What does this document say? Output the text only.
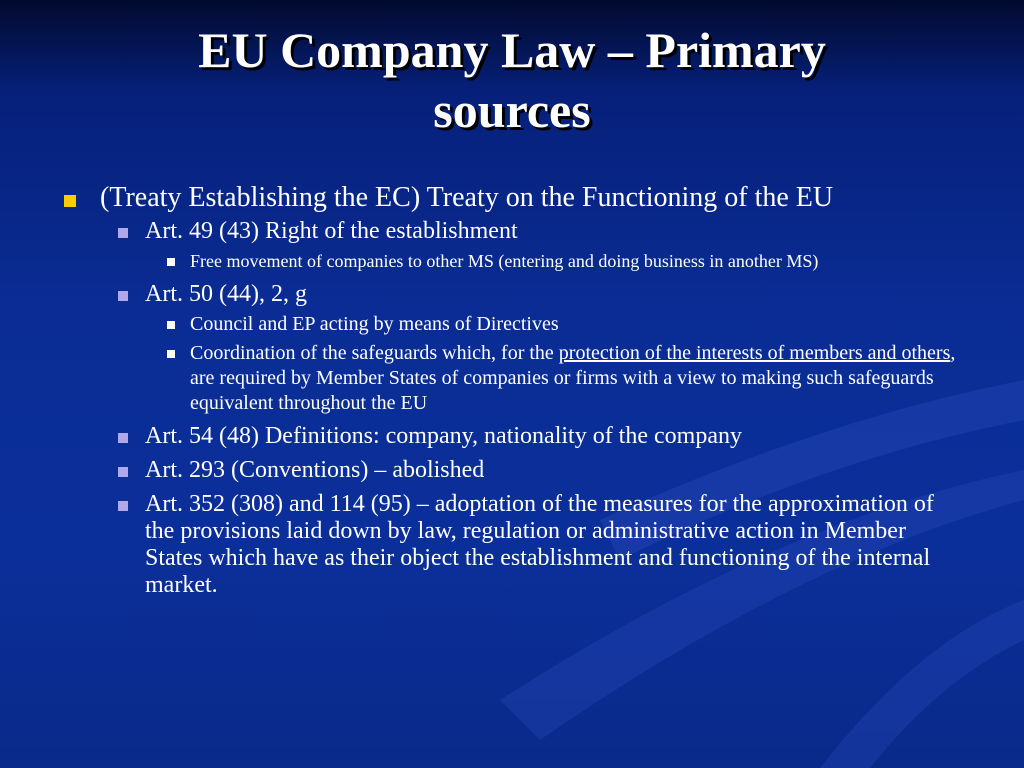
EU Company Law – Primary
sources
(Treaty Establishing the EC) Treaty on the Functioning of the EU
Art. 49 (43) Right of the establishment
Free movement of companies to other MS (entering and doing business in another MS)
Art. 50 (44), 2, g
Council and EP acting by means of Directives
Coordination of the safeguards which, for the protection of the interests of members and others, are required by Member States of companies or firms with a view to making such safeguards equivalent throughout the EU
Art. 54 (48) Definitions: company, nationality of the company
Art. 293 (Conventions) – abolished
Art. 352 (308) and 114 (95) – adoptation of the measures for the approximation of the provisions laid down by law, regulation or administrative action in Member States which have as their object the establishment and functioning of the internal market.
